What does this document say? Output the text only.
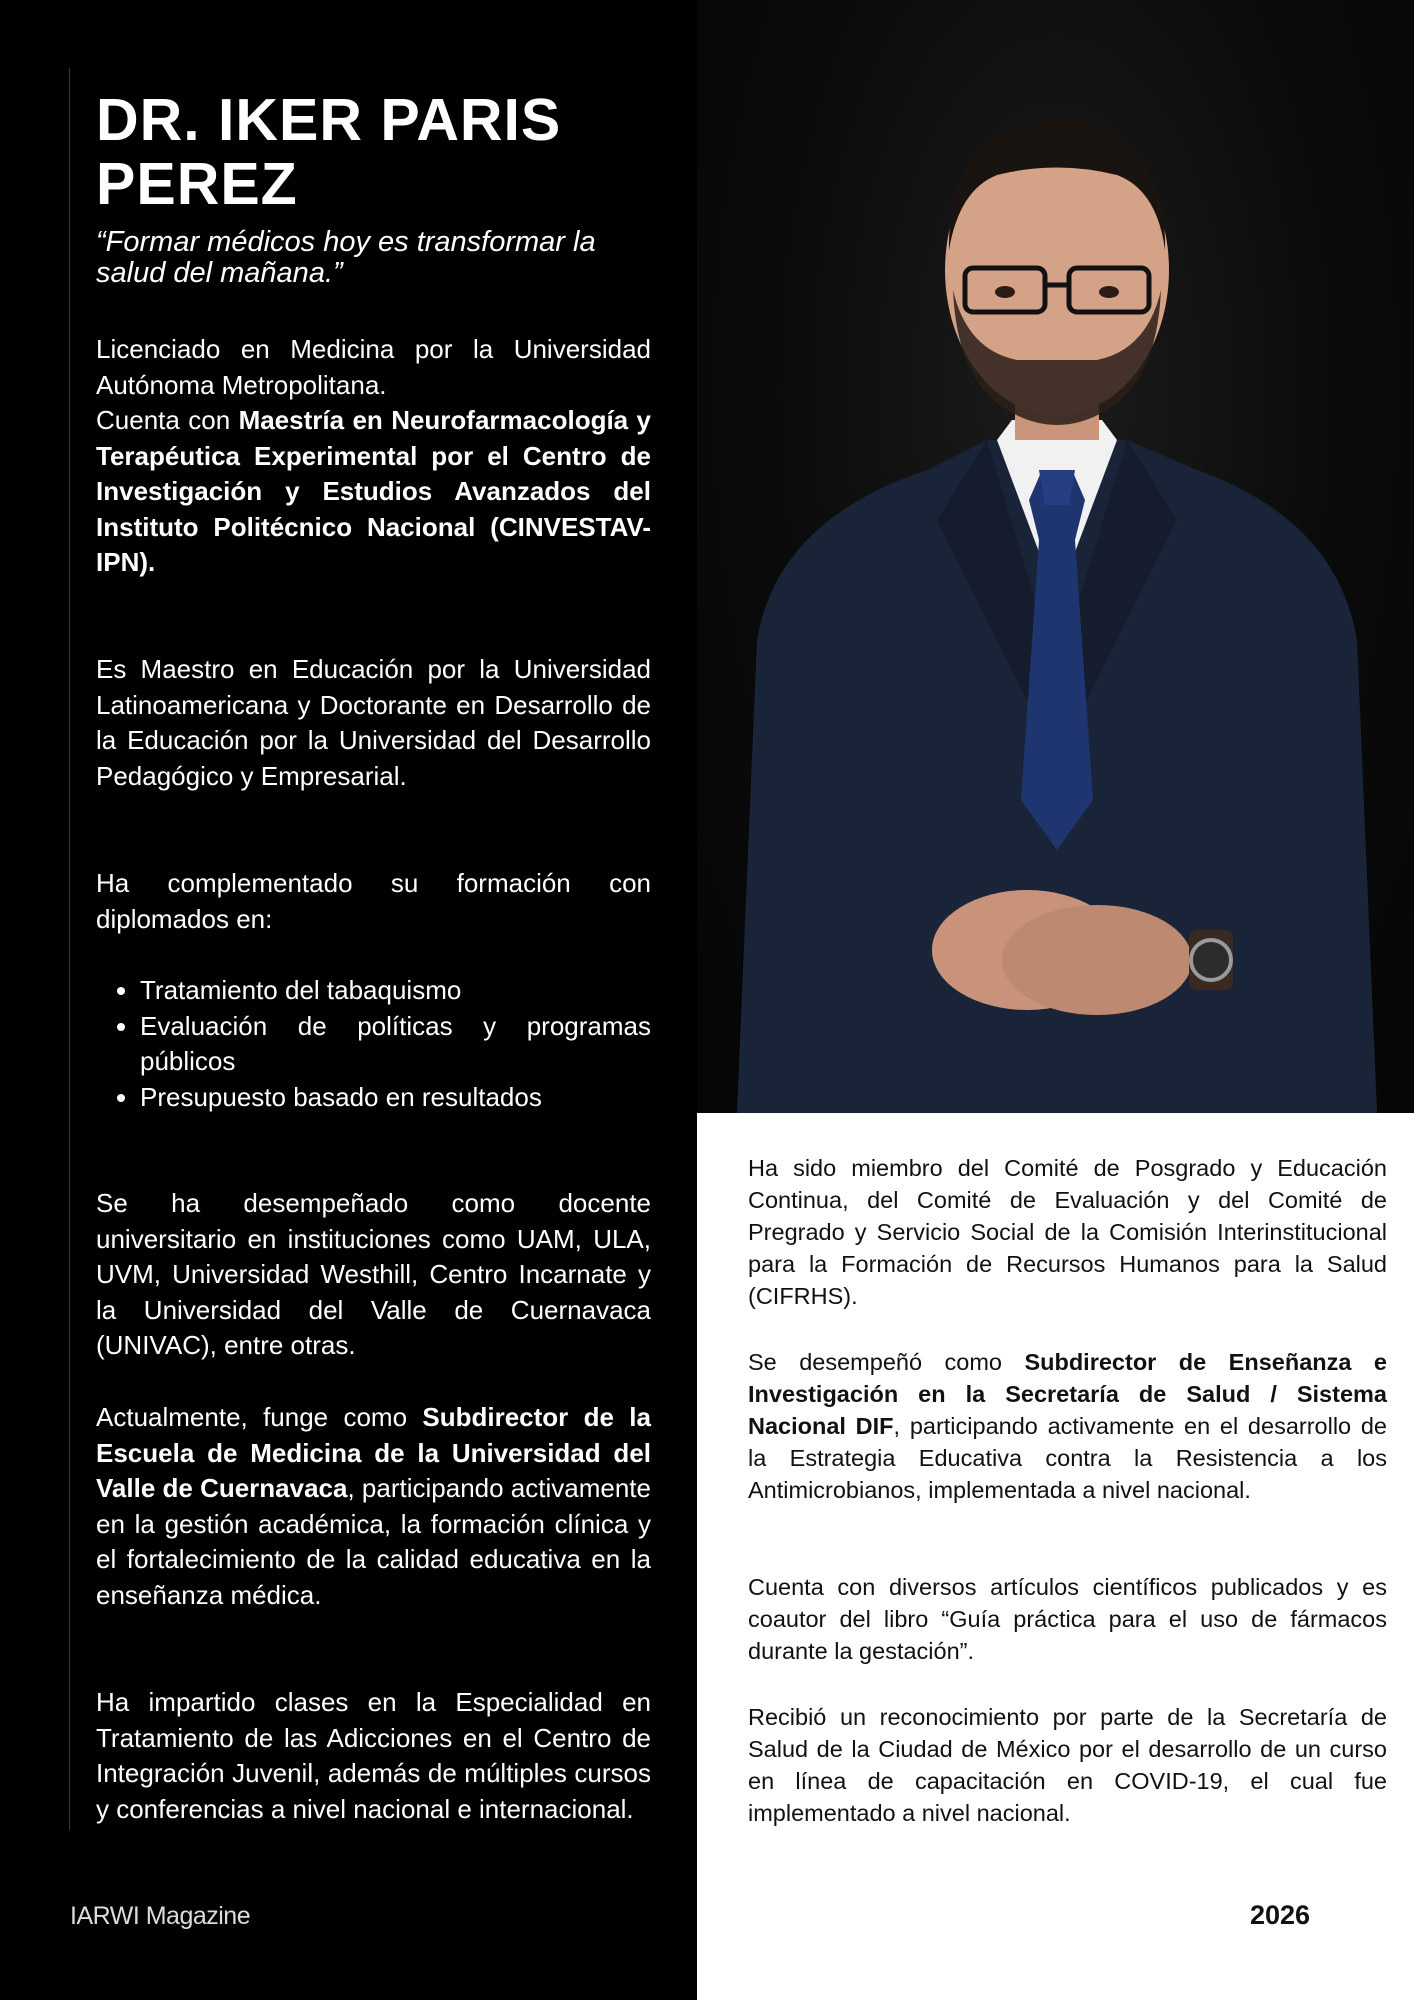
DR. IKER PARIS PEREZ

“Formar médicos hoy es transformar la salud del mañana.”

Licenciado en Medicina por la Universidad Autónoma Metropolitana.
Cuenta con Maestría en Neurofarmacología y Terapéutica Experimental por el Centro de Investigación y Estudios Avanzados del Instituto Politécnico Nacional (CINVESTAV-IPN).

Es Maestro en Educación por la Universidad Latinoamericana y Doctorante en Desarrollo de la Educación por la Universidad del Desarrollo Pedagógico y Empresarial.

Ha complementado su formación con diplomados en:

• Tratamiento del tabaquismo
• Evaluación de políticas y programas públicos
• Presupuesto basado en resultados

Se ha desempeñado como docente universitario en instituciones como UAM, ULA, UVM, Universidad Westhill, Centro Incarnate y la Universidad del Valle de Cuernavaca (UNIVAC), entre otras.

Actualmente, funge como Subdirector de la Escuela de Medicina de la Universidad del Valle de Cuernavaca, participando activamente en la gestión académica, la formación clínica y el fortalecimiento de la calidad educativa en la enseñanza médica.

Ha impartido clases en la Especialidad en Tratamiento de las Adicciones en el Centro de Integración Juvenil, además de múltiples cursos y conferencias a nivel nacional e internacional.

Ha sido miembro del Comité de Posgrado y Educación Continua, del Comité de Evaluación y del Comité de Pregrado y Servicio Social de la Comisión Interinstitucional para la Formación de Recursos Humanos para la Salud (CIFRHS).

Se desempeñó como Subdirector de Enseñanza e Investigación en la Secretaría de Salud / Sistema Nacional DIF, participando activamente en el desarrollo de la Estrategia Educativa contra la Resistencia a los Antimicrobianos, implementada a nivel nacional.

Cuenta con diversos artículos científicos publicados y es coautor del libro “Guía práctica para el uso de fármacos durante la gestación”.

Recibió un reconocimiento por parte de la Secretaría de Salud de la Ciudad de México por el desarrollo de un curso en línea de capacitación en COVID-19, el cual fue implementado a nivel nacional.

IARWI Magazine	2026
